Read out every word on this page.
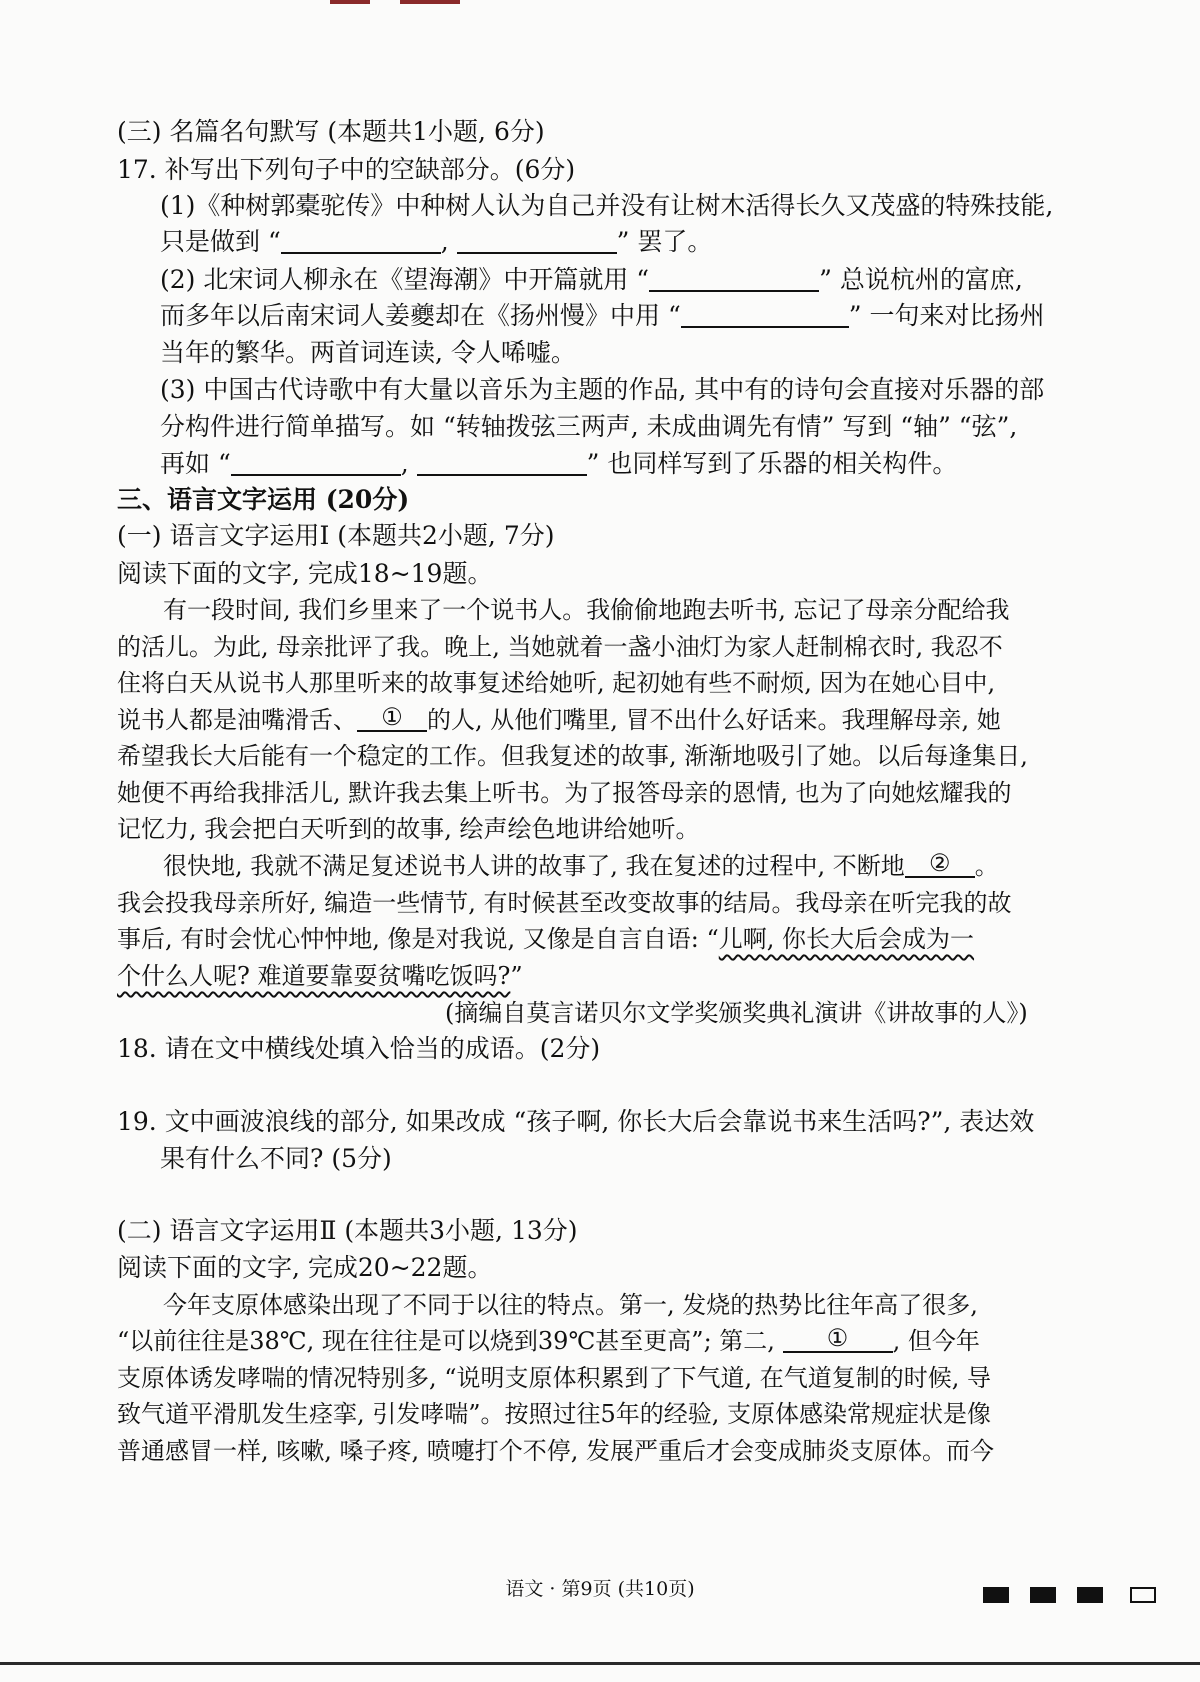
(三) 名篇名句默写 (本题共1小题, 6分)
17. 补写出下列句子中的空缺部分。(6分)
(1)《种树郭橐驼传》中种树人认为自己并没有让树木活得长久又茂盛的特殊技能,
只是做到 “	,	” 罢了。
(2) 北宋词人柳永在《望海潮》中开篇就用 “	” 总说杭州的富庶,
而多年以后南宋词人姜夔却在《扬州慢》中用 “	” 一句来对比扬州
当年的繁华。两首词连读, 令人唏嘘。
(3) 中国古代诗歌中有大量以音乐为主题的作品, 其中有的诗句会直接对乐器的部
分构件进行简单描写。如 “转轴拨弦三两声, 未成曲调先有情” 写到 “轴” “弦”,
再如 “	,	” 也同样写到了乐器的相关构件。
三、语言文字运用 (20分)
(一) 语言文字运用Ⅰ (本题共2小题, 7分)
阅读下面的文字, 完成18~19题。
有一段时间, 我们乡里来了一个说书人。我偷偷地跑去听书, 忘记了母亲分配给我
的活儿。为此, 母亲批评了我。晚上, 当她就着一盏小油灯为家人赶制棉衣时, 我忍不
住将白天从说书人那里听来的故事复述给她听, 起初她有些不耐烦, 因为在她心目中,
说书人都是油嘴滑舌、	①	的人, 从他们嘴里, 冒不出什么好话来。我理解母亲, 她
希望我长大后能有一个稳定的工作。但我复述的故事, 渐渐地吸引了她。以后每逢集日,
她便不再给我排活儿, 默许我去集上听书。为了报答母亲的恩情, 也为了向她炫耀我的
记忆力, 我会把白天听到的故事, 绘声绘色地讲给她听。
很快地, 我就不满足复述说书人讲的故事了, 我在复述的过程中, 不断地	②	。
我会投我母亲所好, 编造一些情节, 有时候甚至改变故事的结局。我母亲在听完我的故
事后, 有时会忧心忡忡地, 像是对我说, 又像是自言自语: “儿啊, 你长大后会成为一
个什么人呢? 难道要靠耍贫嘴吃饭吗?”
(摘编自莫言诺贝尔文学奖颁奖典礼演讲《讲故事的人》)
18. 请在文中横线处填入恰当的成语。(2分)
19. 文中画波浪线的部分, 如果改成 “孩子啊, 你长大后会靠说书来生活吗?”, 表达效
果有什么不同? (5分)
(二) 语言文字运用Ⅱ (本题共3小题, 13分)
阅读下面的文字, 完成20~22题。
今年支原体感染出现了不同于以往的特点。第一, 发烧的热势比往年高了很多,
“以前往往是38℃, 现在往往是可以烧到39℃甚至更高”; 第二,	①	, 但今年
支原体诱发哮喘的情况特别多, “说明支原体积累到了下气道, 在气道复制的时候, 导
致气道平滑肌发生痉挛, 引发哮喘”。按照过往5年的经验, 支原体感染常规症状是像
普通感冒一样, 咳嗽, 嗓子疼, 喷嚏打个不停, 发展严重后才会变成肺炎支原体。而今
语文 · 第9页 (共10页)
